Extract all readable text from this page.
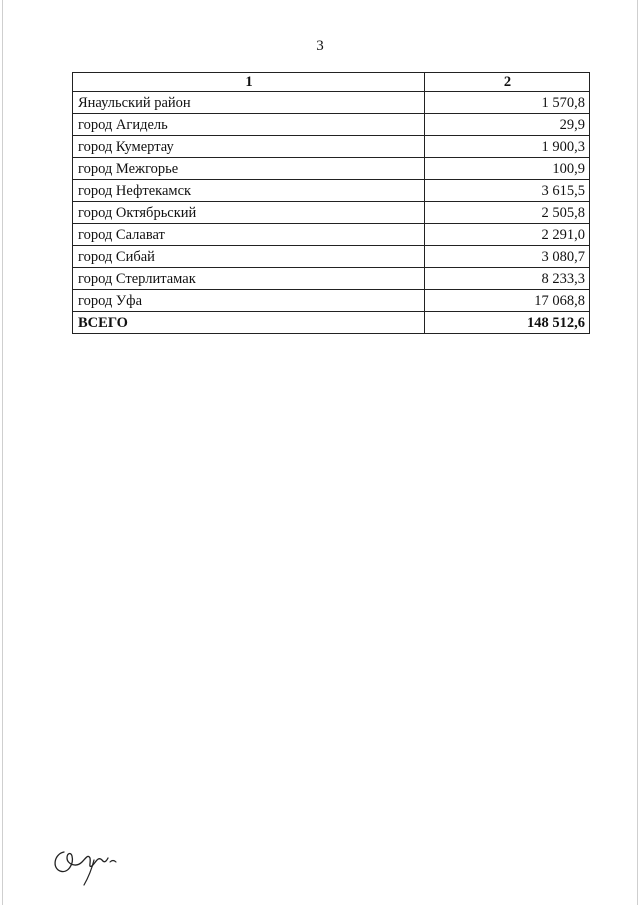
3
1	2
Янаульский район	1 570,8
город Агидель	29,9
город Кумертау	1 900,3
город Межгорье	100,9
город Нефтекамск	3 615,5
город Октябрьский	2 505,8
город Салават	2 291,0
город Сибай	3 080,7
город Стерлитамак	8 233,3
город Уфа	17 068,8
ВСЕГО	148 512,6
